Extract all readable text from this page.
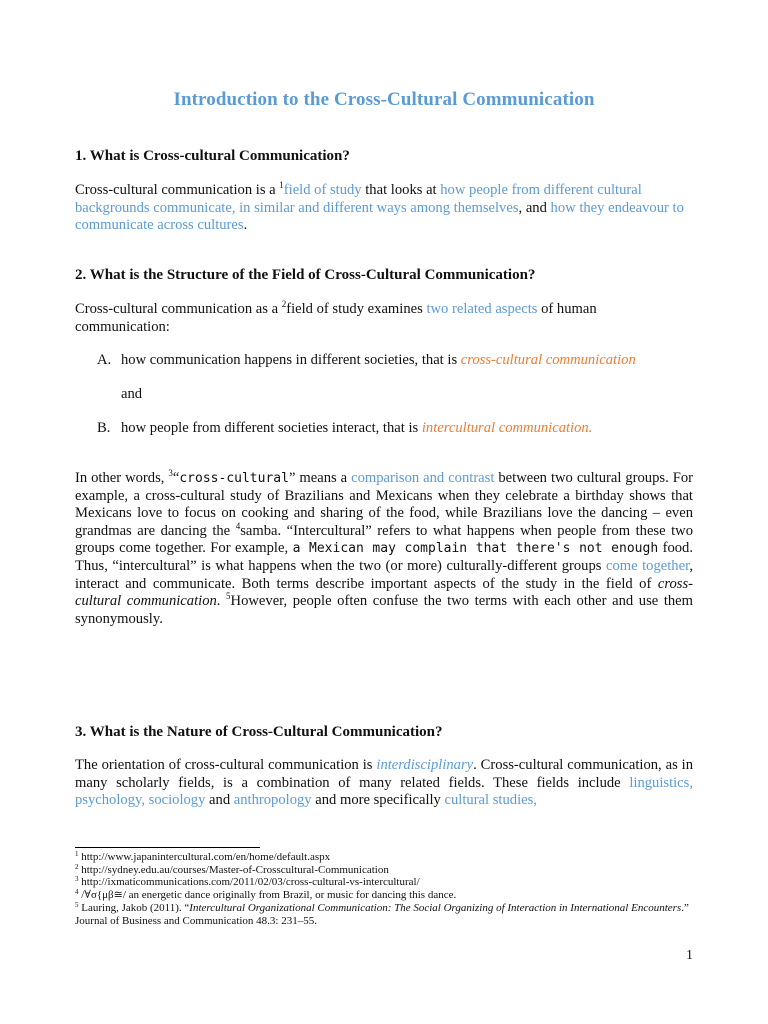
Introduction to the Cross-Cultural Communication
1. What is Cross-cultural Communication?
Cross-cultural communication is a $^1$field of study that looks at how people from different cultural backgrounds communicate, in similar and different ways among themselves, and how they endeavour to communicate across cultures.
2. What is the Structure of the Field of Cross-Cultural Communication?
Cross-cultural communication as a $^2$field of study examines two related aspects of human communication:
A. how communication happens in different societies, that is cross-cultural communication
and
B. how people from different societies interact, that is intercultural communication.
In other words, $^3$“cross-cultural” means a comparison and contrast between two cultural groups. For example, a cross-cultural study of Brazilians and Mexicans when they celebrate a birthday shows that Mexicans love to focus on cooking and sharing of the food, while Brazilians love the dancing – even grandmas are dancing the $^4$samba. “Intercultural” refers to what happens when people from these two groups come together. For example, a Mexican may complain that there's not enough food. Thus, “intercultural” is what happens when the two (or more) culturally-different groups come together, interact and communicate. Both terms describe important aspects of the study in the field of cross-cultural communication. $^5$However, people often confuse the two terms with each other and use them synonymously.
3. What is the Nature of Cross-Cultural Communication?
The orientation of cross-cultural communication is interdisciplinary. Cross-cultural communication, as in many scholarly fields, is a combination of many related fields. These fields include linguistics, psychology, sociology and anthropology and more specifically cultural studies,
$^1$ http://www.japanintercultural.com/en/home/default.aspx
$^2$ http://sydney.edu.au/courses/Master-of-Crosscultural-Communication
$^3$ http://ixmaticommunications.com/2011/02/03/cross-cultural-vs-intercultural/
$^4$ /∀σ{μβ≅/ an energetic dance originally from Brazil, or music for dancing this dance.
$^5$ Lauring, Jakob (2011). “Intercultural Organizational Communication: The Social Organizing of Interaction in International Encounters.” Journal of Business and Communication 48.3: 231–55.
1
